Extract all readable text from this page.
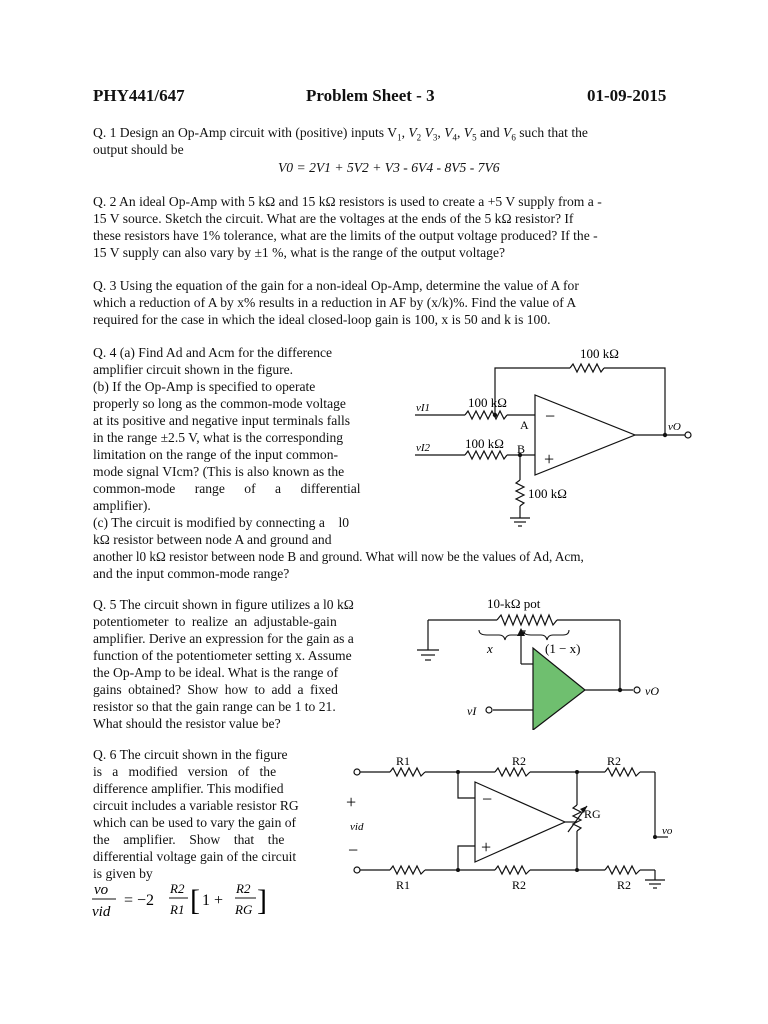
PHY441/647	Problem Sheet - 3	01-09-2015
Q. 1 Design an Op-Amp circuit with (positive) inputs $V_1$, $V_2$ $V_3$, $V_4$, $V_5$ and $V_6$ such that the
output should be
V0 = 2V1 + 5V2 + V3 - 6V4 - 8V5 - 7V6
Q. 2 An ideal Op-Amp with 5 kΩ and 15 kΩ resistors is used to create a +5 V supply from a -
15 V source. Sketch the circuit. What are the voltages at the ends of the 5 kΩ resistor? If
these resistors have 1% tolerance, what are the limits of the output voltage produced? If the -
15 V supply can also vary by ±1 %, what is the range of the output voltage?
Q. 3 Using the equation of the gain for a non-ideal Op-Amp, determine the value of A for
which a reduction of A by x% results in a reduction in AF by (x/k)%. Find the value of A
required for the case in which the ideal closed-loop gain is 100, x is 50 and k is 100.
Q. 4 (a) Find Ad and Acm for the difference
amplifier circuit shown in the figure.
(b) If the Op-Amp is specified to operate
properly so long as the common-mode voltage
at its positive and negative input terminals falls
in the range ±2.5 V, what is the corresponding
limitation on the range of the input common-
mode signal VIcm? (This is also known as the
common-mode range of a differential
amplifier).
(c) The circuit is modified by connecting a    l0
kΩ resistor between node A and ground and
another l0 kΩ resistor between node B and ground. What will now be the values of Ad, Acm,
and the input common-mode range?
100 kΩ
100 kΩ
100 kΩ
100 kΩ
A
B
vI1
vI2
vO
−
+
Q. 5 The circuit shown in figure utilizes a l0 kΩ
potentiometer to realize an adjustable-gain
amplifier. Derive an expression for the gain as a
function of the potentiometer setting x. Assume
the Op-Amp to be ideal. What is the range of
gains obtained? Show how to add a fixed
resistor so that the gain range can be 1 to 21.
What should the resistor value be?
10-kΩ pot
x	(1 − x)
vI
vO
Q. 6 The circuit shown in the figure
is   a   modified   version   of   the
difference amplifier. This modified
circuit includes a variable resistor RG
which can be used to vary the gain of
the    amplifier.    Show    that    the
differential voltage gain of the circuit
is given by
vo
vid
= −2
R2
R1 [ 1 +
R2
RG ]
R1	R2	R2
R1	R2	R2
RG
+
−
vid	vo
−
+
